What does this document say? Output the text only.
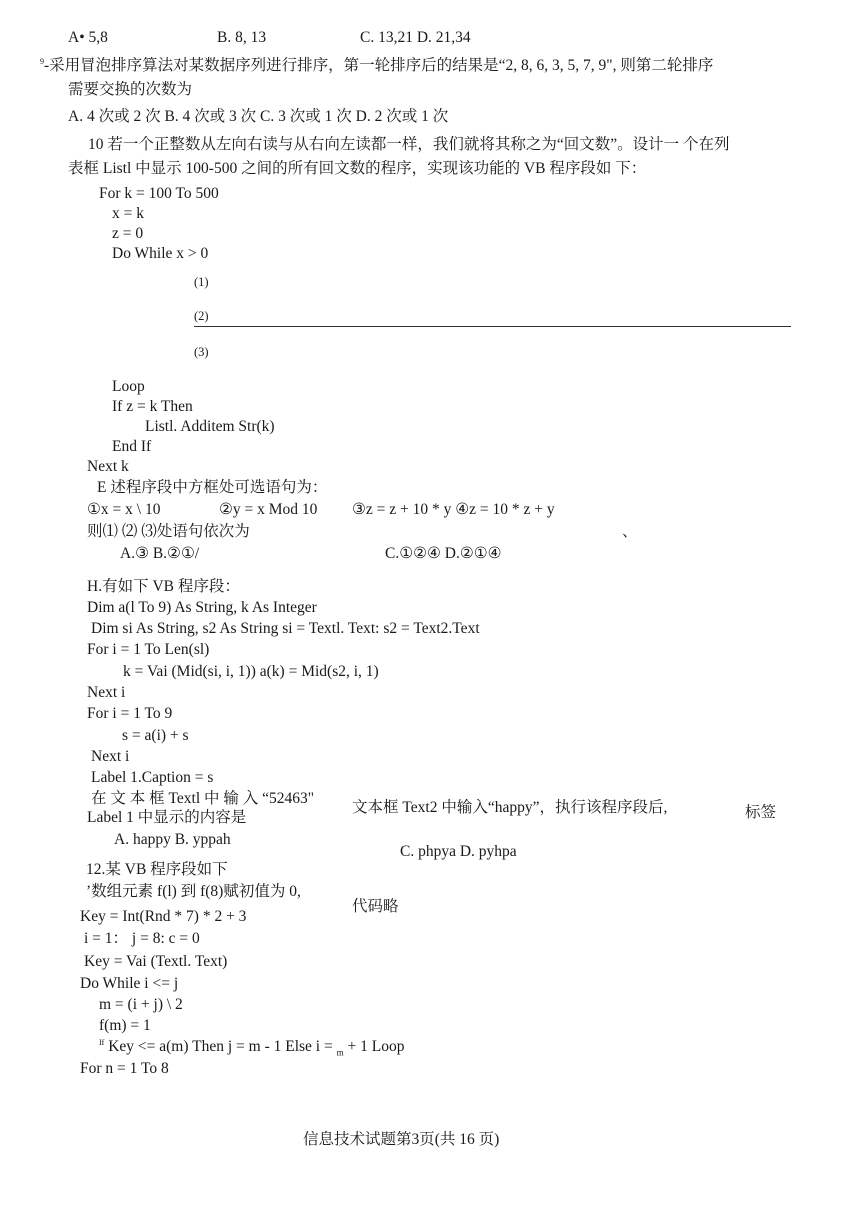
A• 5,8	B. 8, 13	C. 13,21 D. 21,34
$^9$-采用冒泡排序算法对某数据序列进行排序，第一轮排序后的结果是“2, 8, 6, 3, 5, 7, 9", 则第二轮排序
需要交换的次数为
A. 4 次或 2 次 B. 4 次或 3 次 C. 3 次或 1 次 D. 2 次或 1 次
10 若一个正整数从左向右读与从右向左读都一样，我们就将其称之为“回文数”。设计一 个在列
表框 Listl 中显示 100-500 之间的所有回文数的程序，实现该功能的 VB 程序段如 下：
For k = 100 To 500
x = k
z = 0
Do While x > 0
(1)
(2)
(3)
Loop
If z = k Then
Listl. Additem Str(k)
End If
Next k
E 述程序段中方框处可选语句为：
①x = x \ 10	②y = x Mod 10 ③z = z + 10 * y ④z = 10 * z + y
则⑴ ⑵ ⑶处语句依次为	、
A.③ B.②①/	C.①②④ D.②①④
H.有如下 VB 程序段：
Dim a(l To 9) As String, k As Integer
Dim si As String, s2 As String si = Textl. Text: s2 = Text2.Text
For i = 1 To Len(sl)
k = Vai (Mid(si, i, 1)) a(k) = Mid(s2, i, 1)
Next i
For i = 1 To 9
s = a(i) + s
Next i
Label 1.Caption = s
在 文 本 框 Textl 中 输 入 “52463"
文本框 Text2 中输入“happy”，执行该程序段后,	标签
Label 1 中显示的内容是
A. happy B. yppah
C. phpya D. pyhpa
12.某 VB 程序段如下
’数组元素 f(l) 到 f(8)赋初值为 0,
代码略
Key = Int(Rnd * 7) * 2 + 3
i = 1： j = 8: c = 0
Key = Vai (Textl. Text)
Do While i <= j
m = (i + j) \ 2
f(m) = 1
$^{If}$ Key <= a(m) Then j = m - 1 Else i = $_m$ + 1 Loop
For n = 1 To 8
信息技术试题第3页(共 16 页)
